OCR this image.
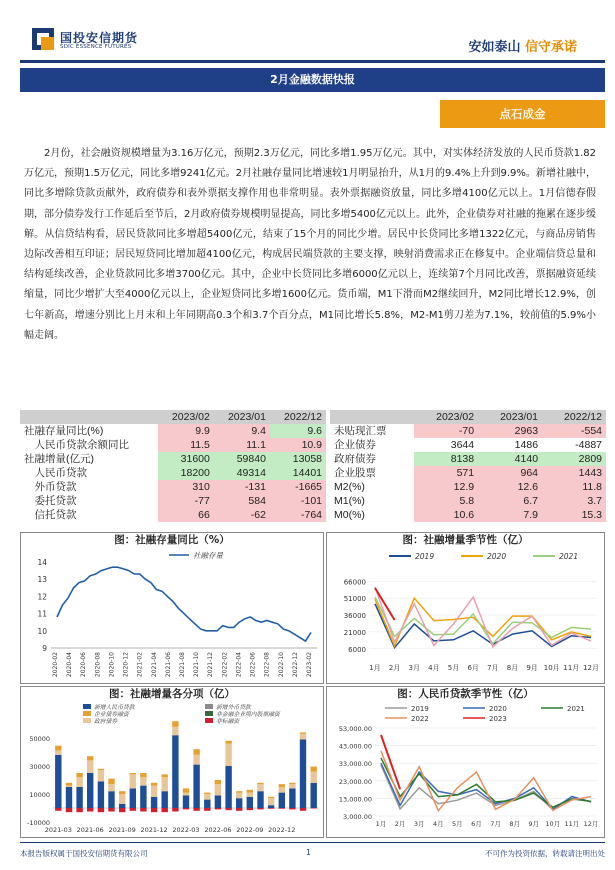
国投安信期货
SDIC ESSENCE FUTURES	安如泰山 信守承诺
2月金融数据快报
点石成金

2月份，社会融资规模增量为3.16万亿元，预期2.3万亿元，同比多增1.95万亿元。其中，对实体经济发放的人民币贷款1.82万亿元，预期1.5万亿元，同比多增9241亿元。2月社融存量同比增速较1月明显抬升，从1月的9.4%上升到9.9%。新增社融中，同比多增除贷款贡献外，政府债券和表外票据支撑作用也非常明显。表外票据融资放量，同比多增4100亿元以上。1月信德春假期，部分债券发行工作延后至节后，2月政府债券规模明显提高，同比多增5400亿元以上。此外，企业债券对社融的拖累在逐步缓解。从信贷结构看，居民贷款同比多增超5400亿元，结束了15个月的同比少增。居民中长贷同比多增1322亿元，与商品房销售边际改善相互印证；居民短贷同比增加超4100亿元，构成居民端贷款的主要支撑，映射消费需求正在修复中。企业端信贷总量和结构延续改善，企业贷款同比多增3700亿元。其中，企业中长贷同比多增6000亿元以上，连续第7个月同比改善，票据融资延续缩量，同比少增扩大至4000亿元以上，企业短贷同比多增1600亿元。货币端，M1下滑而M2继续回升，M2同比增长12.9%，创七年新高，增速分别比上月末和上年同期高0.3个和3.7个百分点，M1同比增长5.8%，M2-M1剪刀差为7.1%，较前值的5.9%小幅走阔。

	2023/02	2023/01	2022/12
社融存量同比(%)	9.9	9.4	9.6
　人民币贷款余额同比	11.5	11.1	10.9
社融增量(亿元)	31600	59840	13058
　人民币贷款	18200	49314	14401
　外币贷款	310	-131	-1665
　委托贷款	-77	584	-101
　信托贷款	66	-62	-764
	2023/02	2023/01	2022/12
未贴现汇票	-70	2963	-554
企业债券	3644	1486	-4887
政府债券	8138	4140	2809
企业股票	571	964	1443
M2(%)	12.9	12.6	11.8
M1(%)	5.8	6.7	3.7
M0(%)	10.6	7.9	15.3
图：社融存量同比（%）
9
10
11
12
13
14
2020-02 2020-04 2020-06 2020-08 2020-10 2020-12 2021-02 2021-04 2021-06 2021-08 2021-10 2021-12 2022-02 2022-04 2022-06 2022-08 2022-10 2022-12 2023-02
社融存量
图：社融增量季节性（亿）
6000
21000
36000
51000
66000
1月 2月 3月 4月 5月 6月 7月 8月 9月 10月 11月 12月
2019	2020	2021
图：社融增量各分项（亿）
-10000
10000
30000
50000
2021-03 2021-06 2021-09 2021-12 2022-03 2022-06 2022-09 2022-12
新增人民币贷款	新增外币贷款
企业债券融资	非金融企业境内股票融资
政府债券	非标融资
图：人民币贷款季节性（亿）
3,000.00
13,000.00
23,000.00
33,000.00
43,000.00
53,000.00
1月 2月 3月 4月 5月 6月 7月 8月 9月 10月 11月 12月
2019	2020	2021
2022	2023
本报告版权属于国投安信期货有限公司	1	不可作为投资依据，转载请注明出处
